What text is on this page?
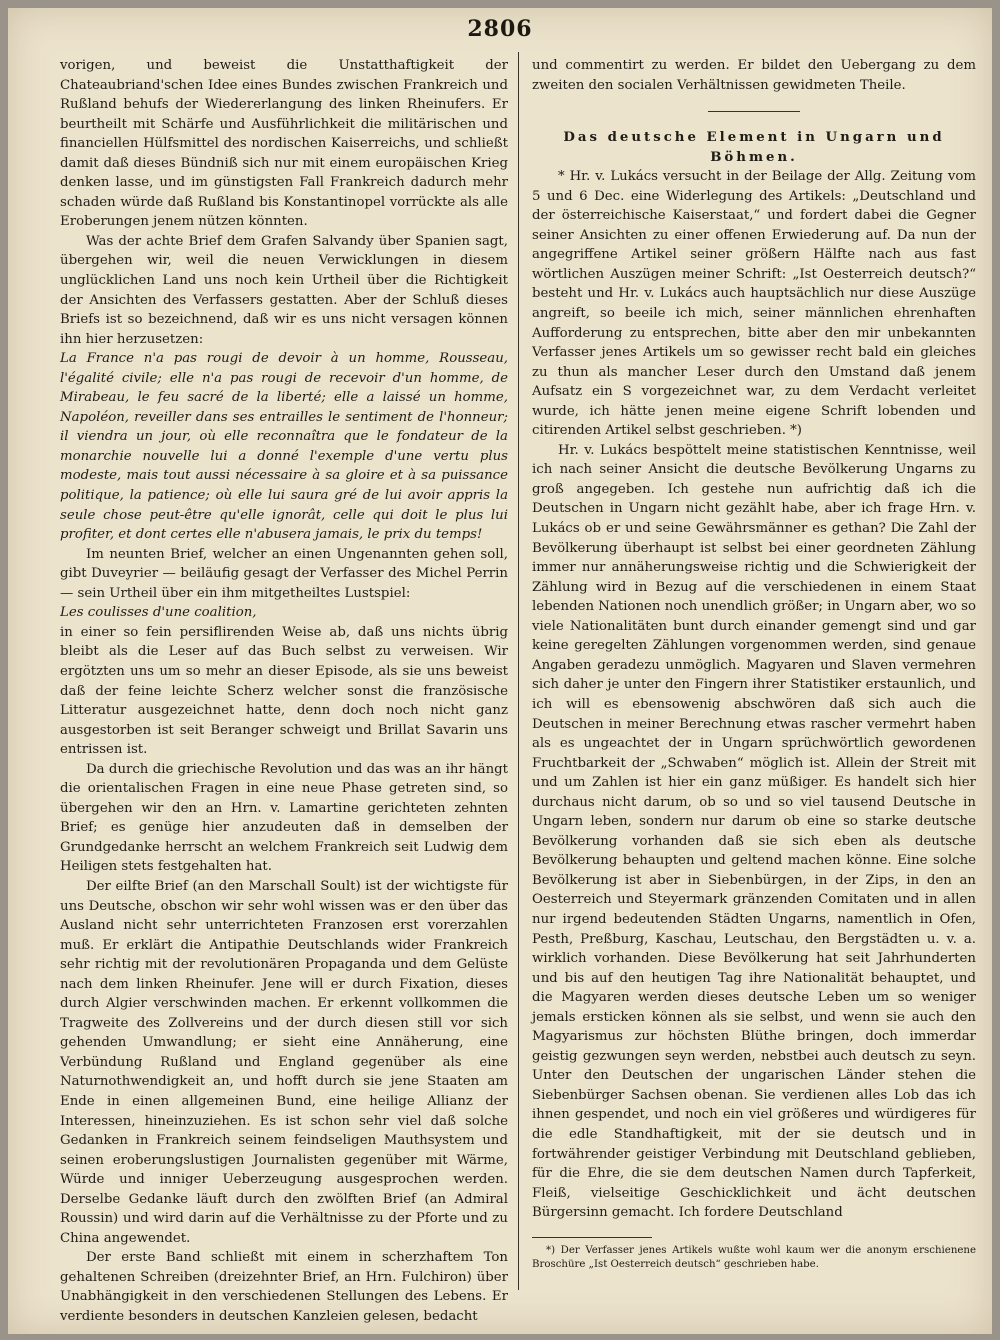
2806

vorigen, und beweist die Unstatthaftigkeit der Chateaubriand'schen Idee eines Bundes zwischen Frankreich und Rußland behufs der Wiedererlangung des linken Rheinufers. Er beurtheilt mit Schärfe und Ausführlichkeit die militärischen und financiellen Hülfsmittel des nordischen Kaiserreichs, und schließt damit daß dieses Bündniß sich nur mit einem europäischen Krieg denken lasse, und im günstigsten Fall Frankreich dadurch mehr schaden würde daß Rußland bis Konstantinopel vorrückte als alle Eroberungen jenem nützen könnten.

Was der achte Brief dem Grafen Salvandy über Spanien sagt, übergehen wir, weil die neuen Verwicklungen in diesem unglücklichen Land uns noch kein Urtheil über die Richtigkeit der Ansichten des Verfassers gestatten. Aber der Schluß dieses Briefs ist so bezeichnend, daß wir es uns nicht versagen können ihn hier herzusetzen:

La France n'a pas rougi de devoir à un homme, Rousseau, l'égalité civile; elle n'a pas rougi de recevoir d'un homme, de Mirabeau, le feu sacré de la liberté; elle a laissé un homme, Napoléon, reveiller dans ses entrailles le sentiment de l'honneur; il viendra un jour, où elle reconnaîtra que le fondateur de la monarchie nouvelle lui a donné l'exemple d'une vertu plus modeste, mais tout aussi nécessaire à sa gloire et à sa puissance politique, la patience; où elle lui saura gré de lui avoir appris la seule chose peut-être qu'elle ignorât, celle qui doit le plus lui profiter, et dont certes elle n'abusera jamais, le prix du temps!

Im neunten Brief, welcher an einen Ungenannten gehen soll, gibt Duveyrier — beiläufig gesagt der Verfasser des Michel Perrin — sein Urtheil über ein ihm mitgetheiltes Lustspiel:

Les coulisses d'une coalition,

in einer so fein persiflirenden Weise ab, daß uns nichts übrig bleibt als die Leser auf das Buch selbst zu verweisen. Wir ergötzten uns um so mehr an dieser Episode, als sie uns beweist daß der feine leichte Scherz welcher sonst die französische Litteratur ausgezeichnet hatte, denn doch noch nicht ganz ausgestorben ist seit Beranger schweigt und Brillat Savarin uns entrissen ist.

Da durch die griechische Revolution und das was an ihr hängt die orientalischen Fragen in eine neue Phase getreten sind, so übergehen wir den an Hrn. v. Lamartine gerichteten zehnten Brief; es genüge hier anzudeuten daß in demselben der Grundgedanke herrscht an welchem Frankreich seit Ludwig dem Heiligen stets festgehalten hat.

Der eilfte Brief (an den Marschall Soult) ist der wichtigste für uns Deutsche, obschon wir sehr wohl wissen was er den über das Ausland nicht sehr unterrichteten Franzosen erst vorerzahlen muß. Er erklärt die Antipathie Deutschlands wider Frankreich sehr richtig mit der revolutionären Propaganda und dem Gelüste nach dem linken Rheinufer. Jene will er durch Fixation, dieses durch Algier verschwinden machen. Er erkennt vollkommen die Tragweite des Zollvereins und der durch diesen still vor sich gehenden Umwandlung; er sieht eine Annäherung, eine Verbündung Rußland und England gegenüber als eine Naturnothwendigkeit an, und hofft durch sie jene Staaten am Ende in einen allgemeinen Bund, eine heilige Allianz der Interessen, hineinzuziehen. Es ist schon sehr viel daß solche Gedanken in Frankreich seinem feindseligen Mauthsystem und seinen eroberungslustigen Journalisten gegenüber mit Wärme, Würde und inniger Ueberzeugung ausgesprochen werden. Derselbe Gedanke läuft durch den zwölften Brief (an Admiral Roussin) und wird darin auf die Verhältnisse zu der Pforte und zu China angewendet.

Der erste Band schließt mit einem in scherzhaftem Ton gehaltenen Schreiben (dreizehnter Brief, an Hrn. Fulchiron) über Unabhängigkeit in den verschiedenen Stellungen des Lebens. Er verdiente besonders in deutschen Kanzleien gelesen, bedacht

und commentirt zu werden. Er bildet den Uebergang zu dem zweiten den socialen Verhältnissen gewidmeten Theile.

Das deutsche Element in Ungarn und Böhmen.

* Hr. v. Lukács versucht in der Beilage der Allg. Zeitung vom 5 und 6 Dec. eine Widerlegung des Artikels: „Deutschland und der österreichische Kaiserstaat,“ und fordert dabei die Gegner seiner Ansichten zu einer offenen Erwiederung auf. Da nun der angegriffene Artikel seiner größern Hälfte nach aus fast wörtlichen Auszügen meiner Schrift: „Ist Oesterreich deutsch?“ besteht und Hr. v. Lukács auch hauptsächlich nur diese Auszüge angreift, so beeile ich mich, seiner männlichen ehrenhaften Aufforderung zu entsprechen, bitte aber den mir unbekannten Verfasser jenes Artikels um so gewisser recht bald ein gleiches zu thun als mancher Leser durch den Umstand daß jenem Aufsatz ein S vorgezeichnet war, zu dem Verdacht verleitet wurde, ich hätte jenen meine eigene Schrift lobenden und citirenden Artikel selbst geschrieben. *)

Hr. v. Lukács bespöttelt meine statistischen Kenntnisse, weil ich nach seiner Ansicht die deutsche Bevölkerung Ungarns zu groß angegeben. Ich gestehe nun aufrichtig daß ich die Deutschen in Ungarn nicht gezählt habe, aber ich frage Hrn. v. Lukács ob er und seine Gewährsmänner es gethan? Die Zahl der Bevölkerung überhaupt ist selbst bei einer geordneten Zählung immer nur annäherungsweise richtig und die Schwierigkeit der Zählung wird in Bezug auf die verschiedenen in einem Staat lebenden Nationen noch unendlich größer; in Ungarn aber, wo so viele Nationalitäten bunt durch einander gemengt sind und gar keine geregelten Zählungen vorgenommen werden, sind genaue Angaben geradezu unmöglich. Magyaren und Slaven vermehren sich daher je unter den Fingern ihrer Statistiker erstaunlich, und ich will es ebensowenig abschwören daß sich auch die Deutschen in meiner Berechnung etwas rascher vermehrt haben als es ungeachtet der in Ungarn sprüchwörtlich gewordenen Fruchtbarkeit der „Schwaben“ möglich ist. Allein der Streit mit und um Zahlen ist hier ein ganz müßiger. Es handelt sich hier durchaus nicht darum, ob so und so viel tausend Deutsche in Ungarn leben, sondern nur darum ob eine so starke deutsche Bevölkerung vorhanden daß sie sich eben als deutsche Bevölkerung behaupten und geltend machen könne. Eine solche Bevölkerung ist aber in Siebenbürgen, in der Zips, in den an Oesterreich und Steyermark gränzenden Comitaten und in allen nur irgend bedeutenden Städten Ungarns, namentlich in Ofen, Pesth, Preßburg, Kaschau, Leutschau, den Bergstädten u. v. a. wirklich vorhanden. Diese Bevölkerung hat seit Jahrhunderten und bis auf den heutigen Tag ihre Nationalität behauptet, und die Magyaren werden dieses deutsche Leben um so weniger jemals ersticken können als sie selbst, und wenn sie auch den Magyarismus zur höchsten Blüthe bringen, doch immerdar geistig gezwungen seyn werden, nebstbei auch deutsch zu seyn. Unter den Deutschen der ungarischen Länder stehen die Siebenbürger Sachsen obenan. Sie verdienen alles Lob das ich ihnen gespendet, und noch ein viel größeres und würdigeres für die edle Standhaftigkeit, mit der sie deutsch und in fortwährender geistiger Verbindung mit Deutschland geblieben, für die Ehre, die sie dem deutschen Namen durch Tapferkeit, Fleiß, vielseitige Geschicklichkeit und ächt deutschen Bürgersinn gemacht. Ich fordere Deutschland

*) Der Verfasser jenes Artikels wußte wohl kaum wer die anonym erschienene Broschüre „Ist Oesterreich deutsch“ geschrieben habe.
